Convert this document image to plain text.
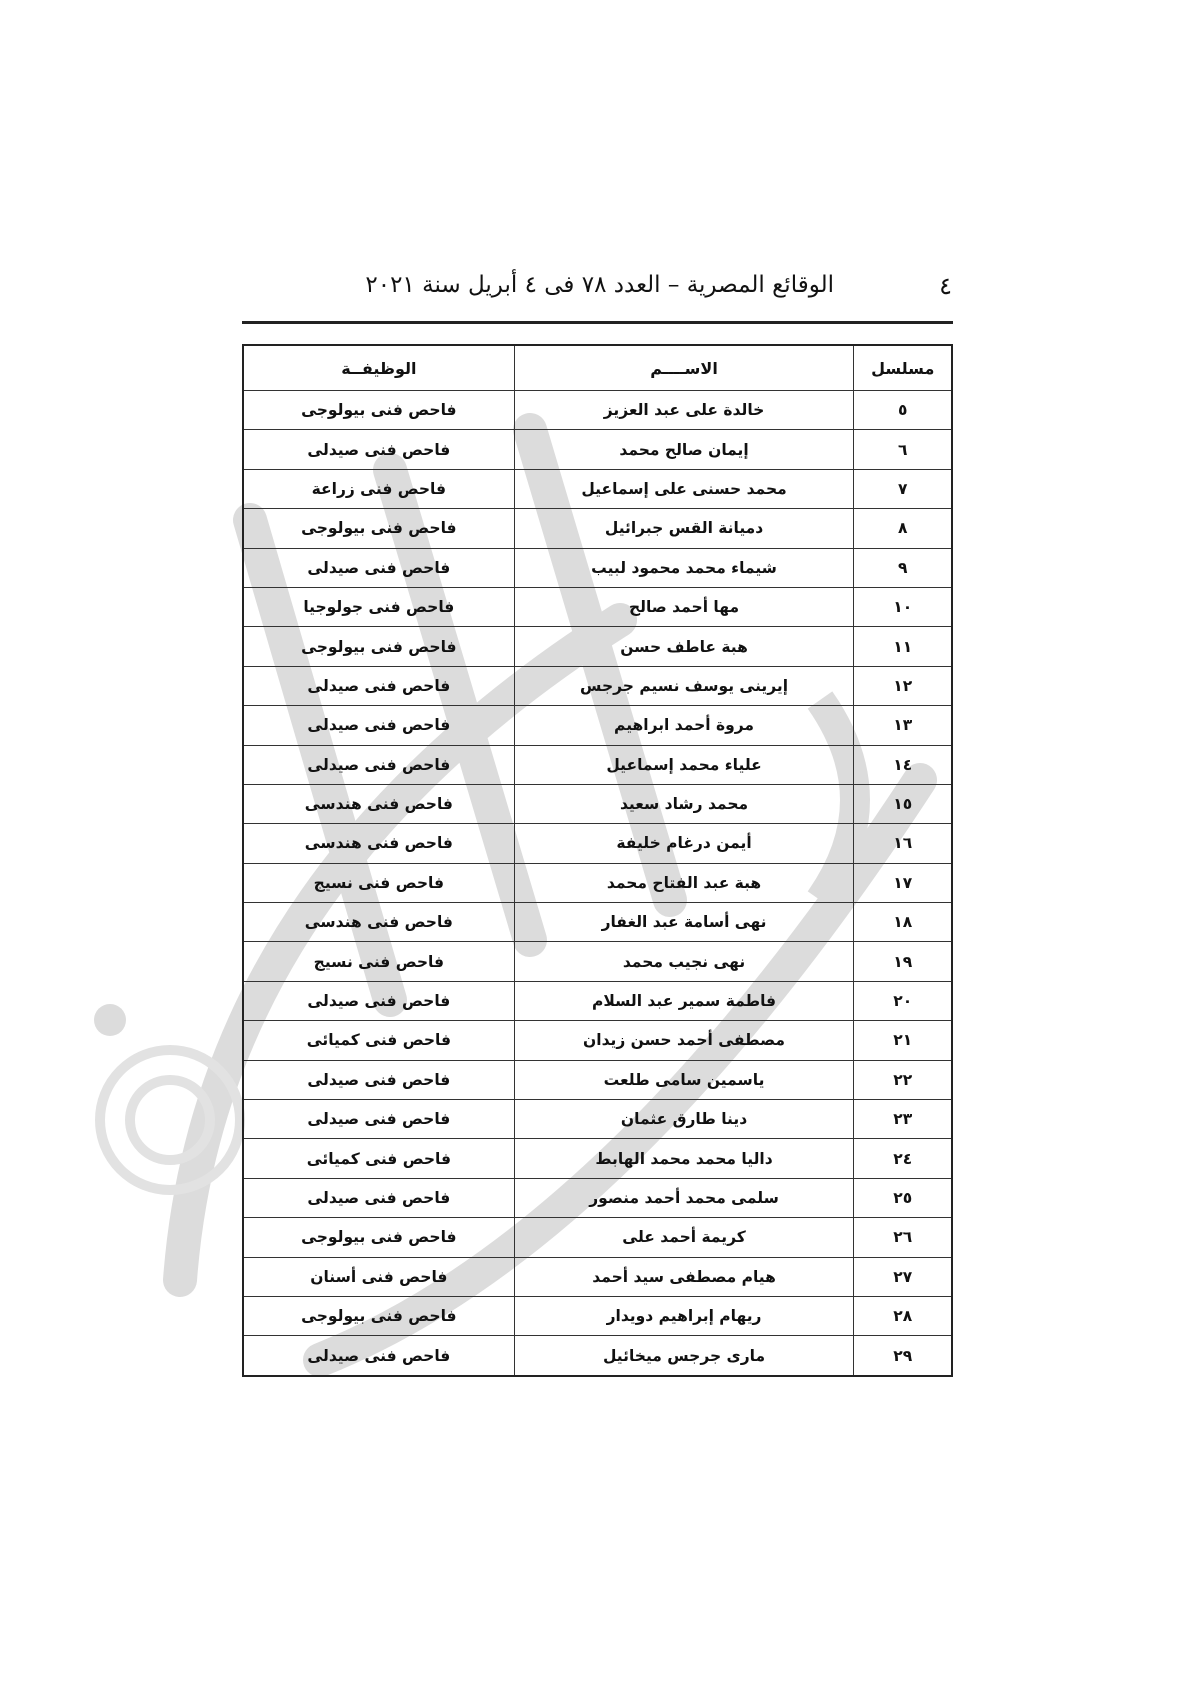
٤
الوقائع المصرية – العدد ٧٨ فى ٤ أبريل سنة ٢٠٢١
مسلسل	الاســــم	الوظيفــة
٥	خالدة على عبد العزيز	فاحص فنى بيولوجى
٦	إيمان صالح محمد	فاحص فنى صيدلى
٧	محمد حسنى على إسماعيل	فاحص فنى زراعة
٨	دميانة القس جبرائيل	فاحص فنى بيولوجى
٩	شيماء محمد محمود لبيب	فاحص فنى صيدلى
١٠	مها أحمد صالح	فاحص فنى جولوجيا
١١	هبة عاطف حسن	فاحص فنى بيولوجى
١٢	إيرينى يوسف نسيم جرجس	فاحص فنى صيدلى
١٣	مروة أحمد ابراهيم	فاحص فنى صيدلى
١٤	علياء محمد إسماعيل	فاحص فنى صيدلى
١٥	محمد رشاد سعيد	فاحص فنى هندسى
١٦	أيمن درغام خليفة	فاحص فنى هندسى
١٧	هبة عبد الفتاح محمد	فاحص فنى نسيج
١٨	نهى أسامة عبد الغفار	فاحص فنى هندسى
١٩	نهى نجيب محمد	فاحص فنى نسيج
٢٠	فاطمة سمير عبد السلام	فاحص فنى صيدلى
٢١	مصطفى أحمد حسن زيدان	فاحص فنى كميائى
٢٢	ياسمين سامى طلعت	فاحص فنى صيدلى
٢٣	دينا طارق عثمان	فاحص فنى صيدلى
٢٤	داليا محمد محمد الهابط	فاحص فنى كميائى
٢٥	سلمى محمد أحمد منصور	فاحص فنى صيدلى
٢٦	كريمة أحمد على	فاحص فنى بيولوجى
٢٧	هيام مصطفى سيد أحمد	فاحص فنى أسنان
٢٨	ريهام إبراهيم دويدار	فاحص فنى بيولوجى
٢٩	مارى جرجس ميخائيل	فاحص فنى صيدلى
